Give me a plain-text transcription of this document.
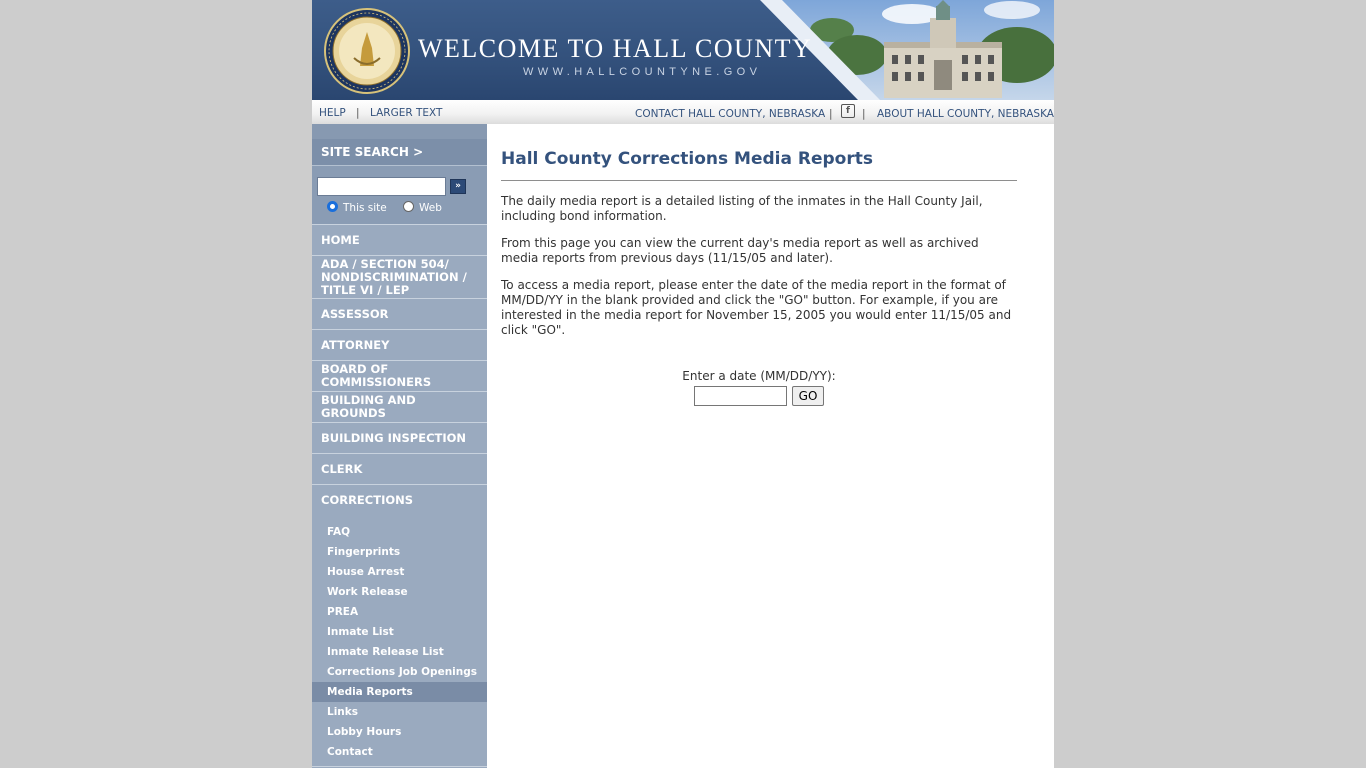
WELCOME TO HALL COUNTY
WWW.HALLCOUNTYNE.GOV
HELP | LARGER TEXT	CONTACT HALL COUNTY, NEBRASKA |	f	| ABOUT HALL COUNTY, NEBRASKA
SITE SEARCH >
»
This site	Web
HOME
ADA / SECTION 504/ NONDISCRIMINATION / TITLE VI / LEP
ASSESSOR
ATTORNEY
BOARD OF COMMISSIONERS
BUILDING AND GROUNDS
BUILDING INSPECTION
CLERK
CORRECTIONS
FAQ
Fingerprints
House Arrest
Work Release
PREA
Inmate List
Inmate Release List
Corrections Job Openings
Media Reports
Links
Lobby Hours
Contact
Hall County Corrections Media Reports

The daily media report is a detailed listing of the inmates in the Hall County Jail, including bond information.

From this page you can view the current day's media report as well as archived media reports from previous days (11/15/05 and later).

To access a media report, please enter the date of the media report in the format of MM/DD/YY in the blank provided and click the "GO" button. For example, if you are interested in the media report for November 15, 2005 you would enter 11/15/05 and click "GO".

Enter a date (MM/DD/YY):
GO
